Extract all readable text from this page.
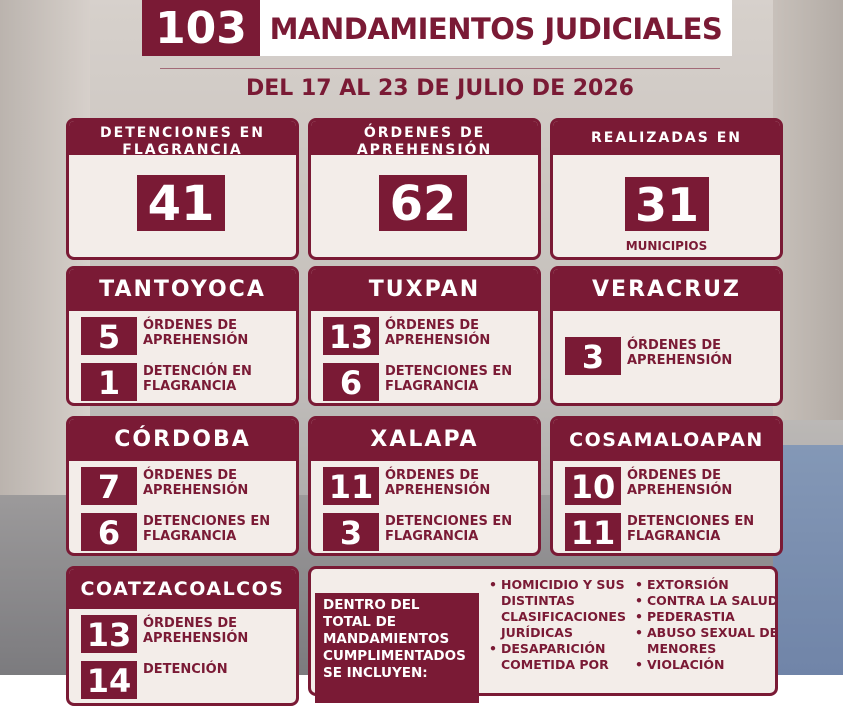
103 MANDAMIENTOS JUDICIALES
DEL 17 AL 23 DE JULIO DE 2026
DETENCIONES EN FLAGRANCIA
41
ÓRDENES DE APREHENSIÓN
62
REALIZADAS EN
31
MUNICIPIOS
TANTOYOCA
5	ÓRDENES DE APREHENSIÓN
1	DETENCIÓN EN FLAGRANCIA
TUXPAN
13 ÓRDENES DE APREHENSIÓN
6	DETENCIONES EN FLAGRANCIA
VERACRUZ
3	ÓRDENES DE APREHENSIÓN
CÓRDOBA
7	ÓRDENES DE APREHENSIÓN
6	DETENCIONES EN FLAGRANCIA
XALAPA
11 ÓRDENES DE APREHENSIÓN
3	DETENCIONES EN FLAGRANCIA
COSAMALOAPAN
10 ÓRDENES DE APREHENSIÓN
11 DETENCIONES EN FLAGRANCIA
COATZACOALCOS
13 ÓRDENES DE APREHENSIÓN
14 DETENCIÓN
DENTRO DEL TOTAL DE MANDAMIENTOS CUMPLIMENTADOS SE INCLUYEN:
• HOMICIDIO Y SUS DISTINTAS CLASIFICACIONES JURÍDICAS
• DESAPARICIÓN COMETIDA POR
• EXTORSIÓN
• CONTRA LA SALUD
• PEDERASTIA
• ABUSO SEXUAL DE MENORES
• VIOLACIÓN
